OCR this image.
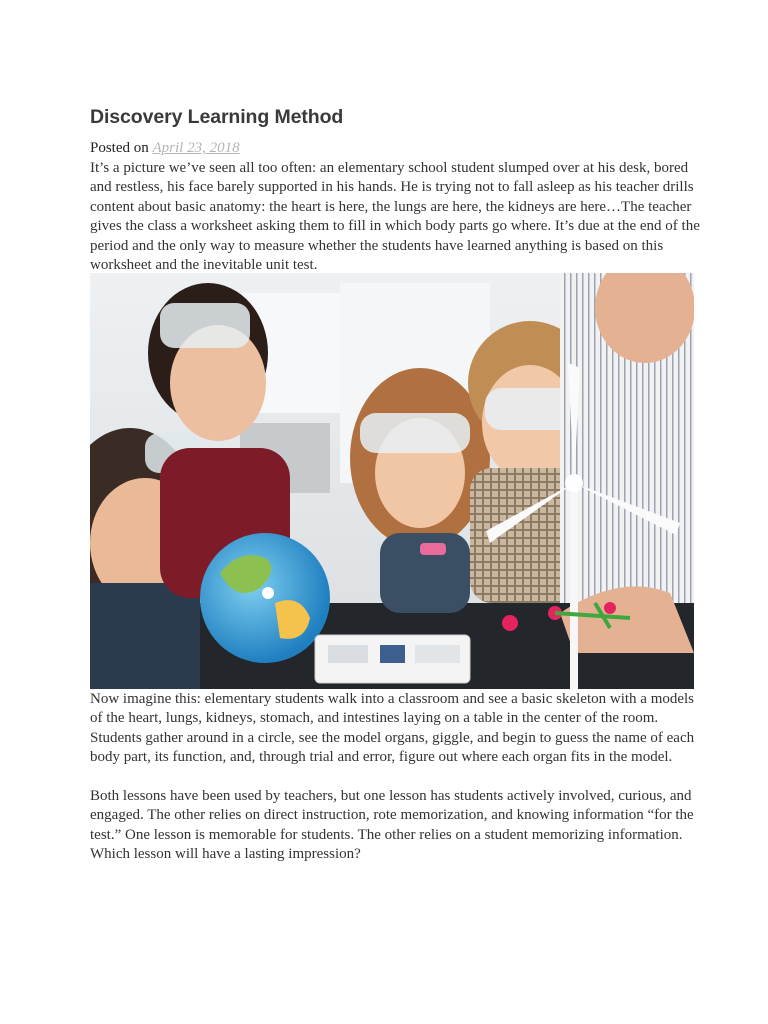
Discovery Learning Method
Posted on April 23, 2018

It’s a picture we’ve seen all too often: an elementary school student slumped over at his desk, bored and restless, his face barely supported in his hands. He is trying not to fall asleep as his teacher drills content about basic anatomy: the heart is here, the lungs are here, the kidneys are here…The teacher gives the class a worksheet asking them to fill in which body parts go where. It’s due at the end of the period and the only way to measure whether the students have learned anything is based on this worksheet and the inevitable unit test.

Now imagine this: elementary students walk into a classroom and see a basic skeleton with a models of the heart, lungs, kidneys, stomach, and intestines laying on a table in the center of the room. Students gather around in a circle, see the model organs, giggle, and begin to guess the name of each body part, its function, and, through trial and error, figure out where each organ fits in the model.

Both lessons have been used by teachers, but one lesson has students actively involved, curious, and engaged. The other relies on direct instruction, rote memorization, and knowing information “for the test.” One lesson is memorable for students. The other relies on a student memorizing information. Which lesson will have a lasting impression?
